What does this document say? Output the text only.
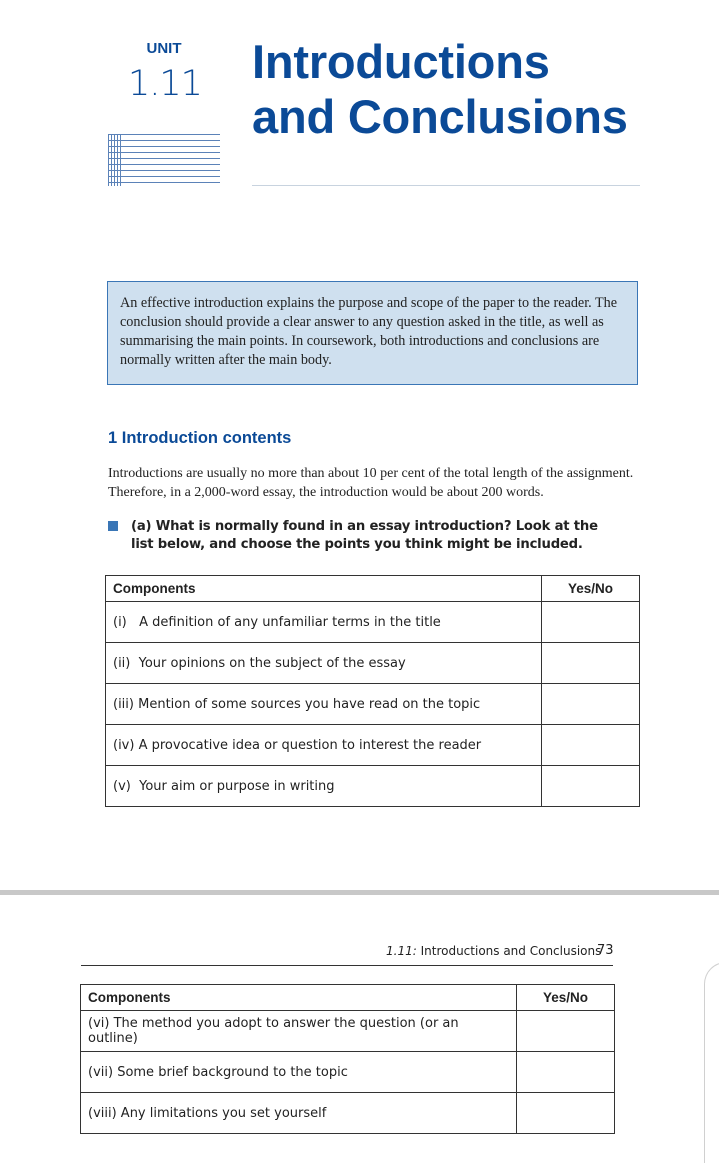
UNIT
1.11 Introductions
and Conclusions
An effective introduction explains the purpose and scope of the paper to the reader. The conclusion should provide a clear answer to any question asked in the title, as well as summarising the main points. In coursework, both introductions and conclusions are normally written after the main body.
1 Introduction contents
Introductions are usually no more than about 10 per cent of the total length of the assignment. Therefore, in a 2,000-word essay, the introduction would be about 200 words.
(a) What is normally found in an essay introduction? Look at the list below, and choose the points you think might be included.
Components	Yes/No
(i)   A definition of any unfamiliar terms in the title	
(ii)  Your opinions on the subject of the essay	
(iii) Mention of some sources you have read on the topic	
(iv) A provocative idea or question to interest the reader	
(v)  Your aim or purpose in writing	
1.11: Introductions and Conclusions
73
Components	Yes/No
(vi) The method you adopt to answer the question (or an outline)	
(vii) Some brief background to the topic	
(viii) Any limitations you set yourself	
